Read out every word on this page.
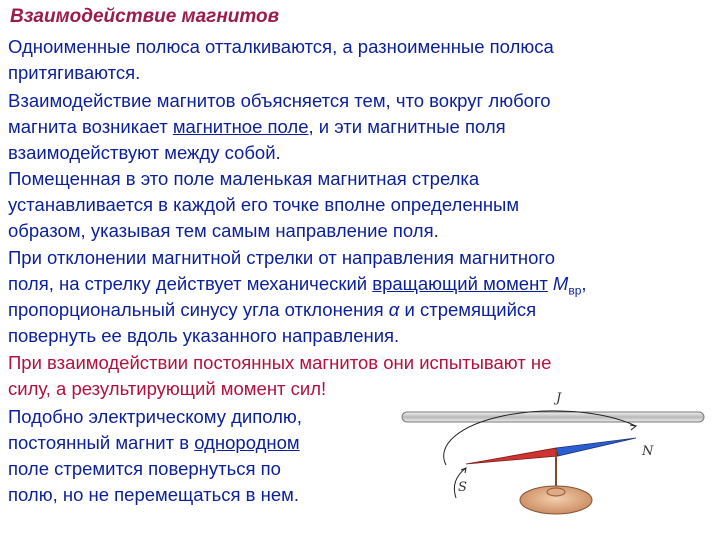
Взаимодействие магнитов
Одноименные полюса отталкиваются, а разноименные полюса
притягиваются.
Взаимодействие магнитов объясняется тем, что вокруг любого
магнита возникает магнитное поле, и эти магнитные поля
взаимодействуют между собой.
Помещенная в это поле маленькая магнитная стрелка
устанавливается в каждой его точке вполне определенным
образом, указывая тем самым направление поля.
При отклонении магнитной стрелки от направления магнитного
поля, на стрелку действует механический вращающий момент $M_{вр}$,
пропорциональный синусу угла отклонения α и стремящийся
повернуть ее вдоль указанного направления.
При взаимодействии постоянных магнитов они испытывают не
силу, а результирующий момент сил!
Подобно электрическому диполю,
постоянный магнит в однородном
поле стремится повернуться по
полю, но не перемещаться в нем.
J
S
N
